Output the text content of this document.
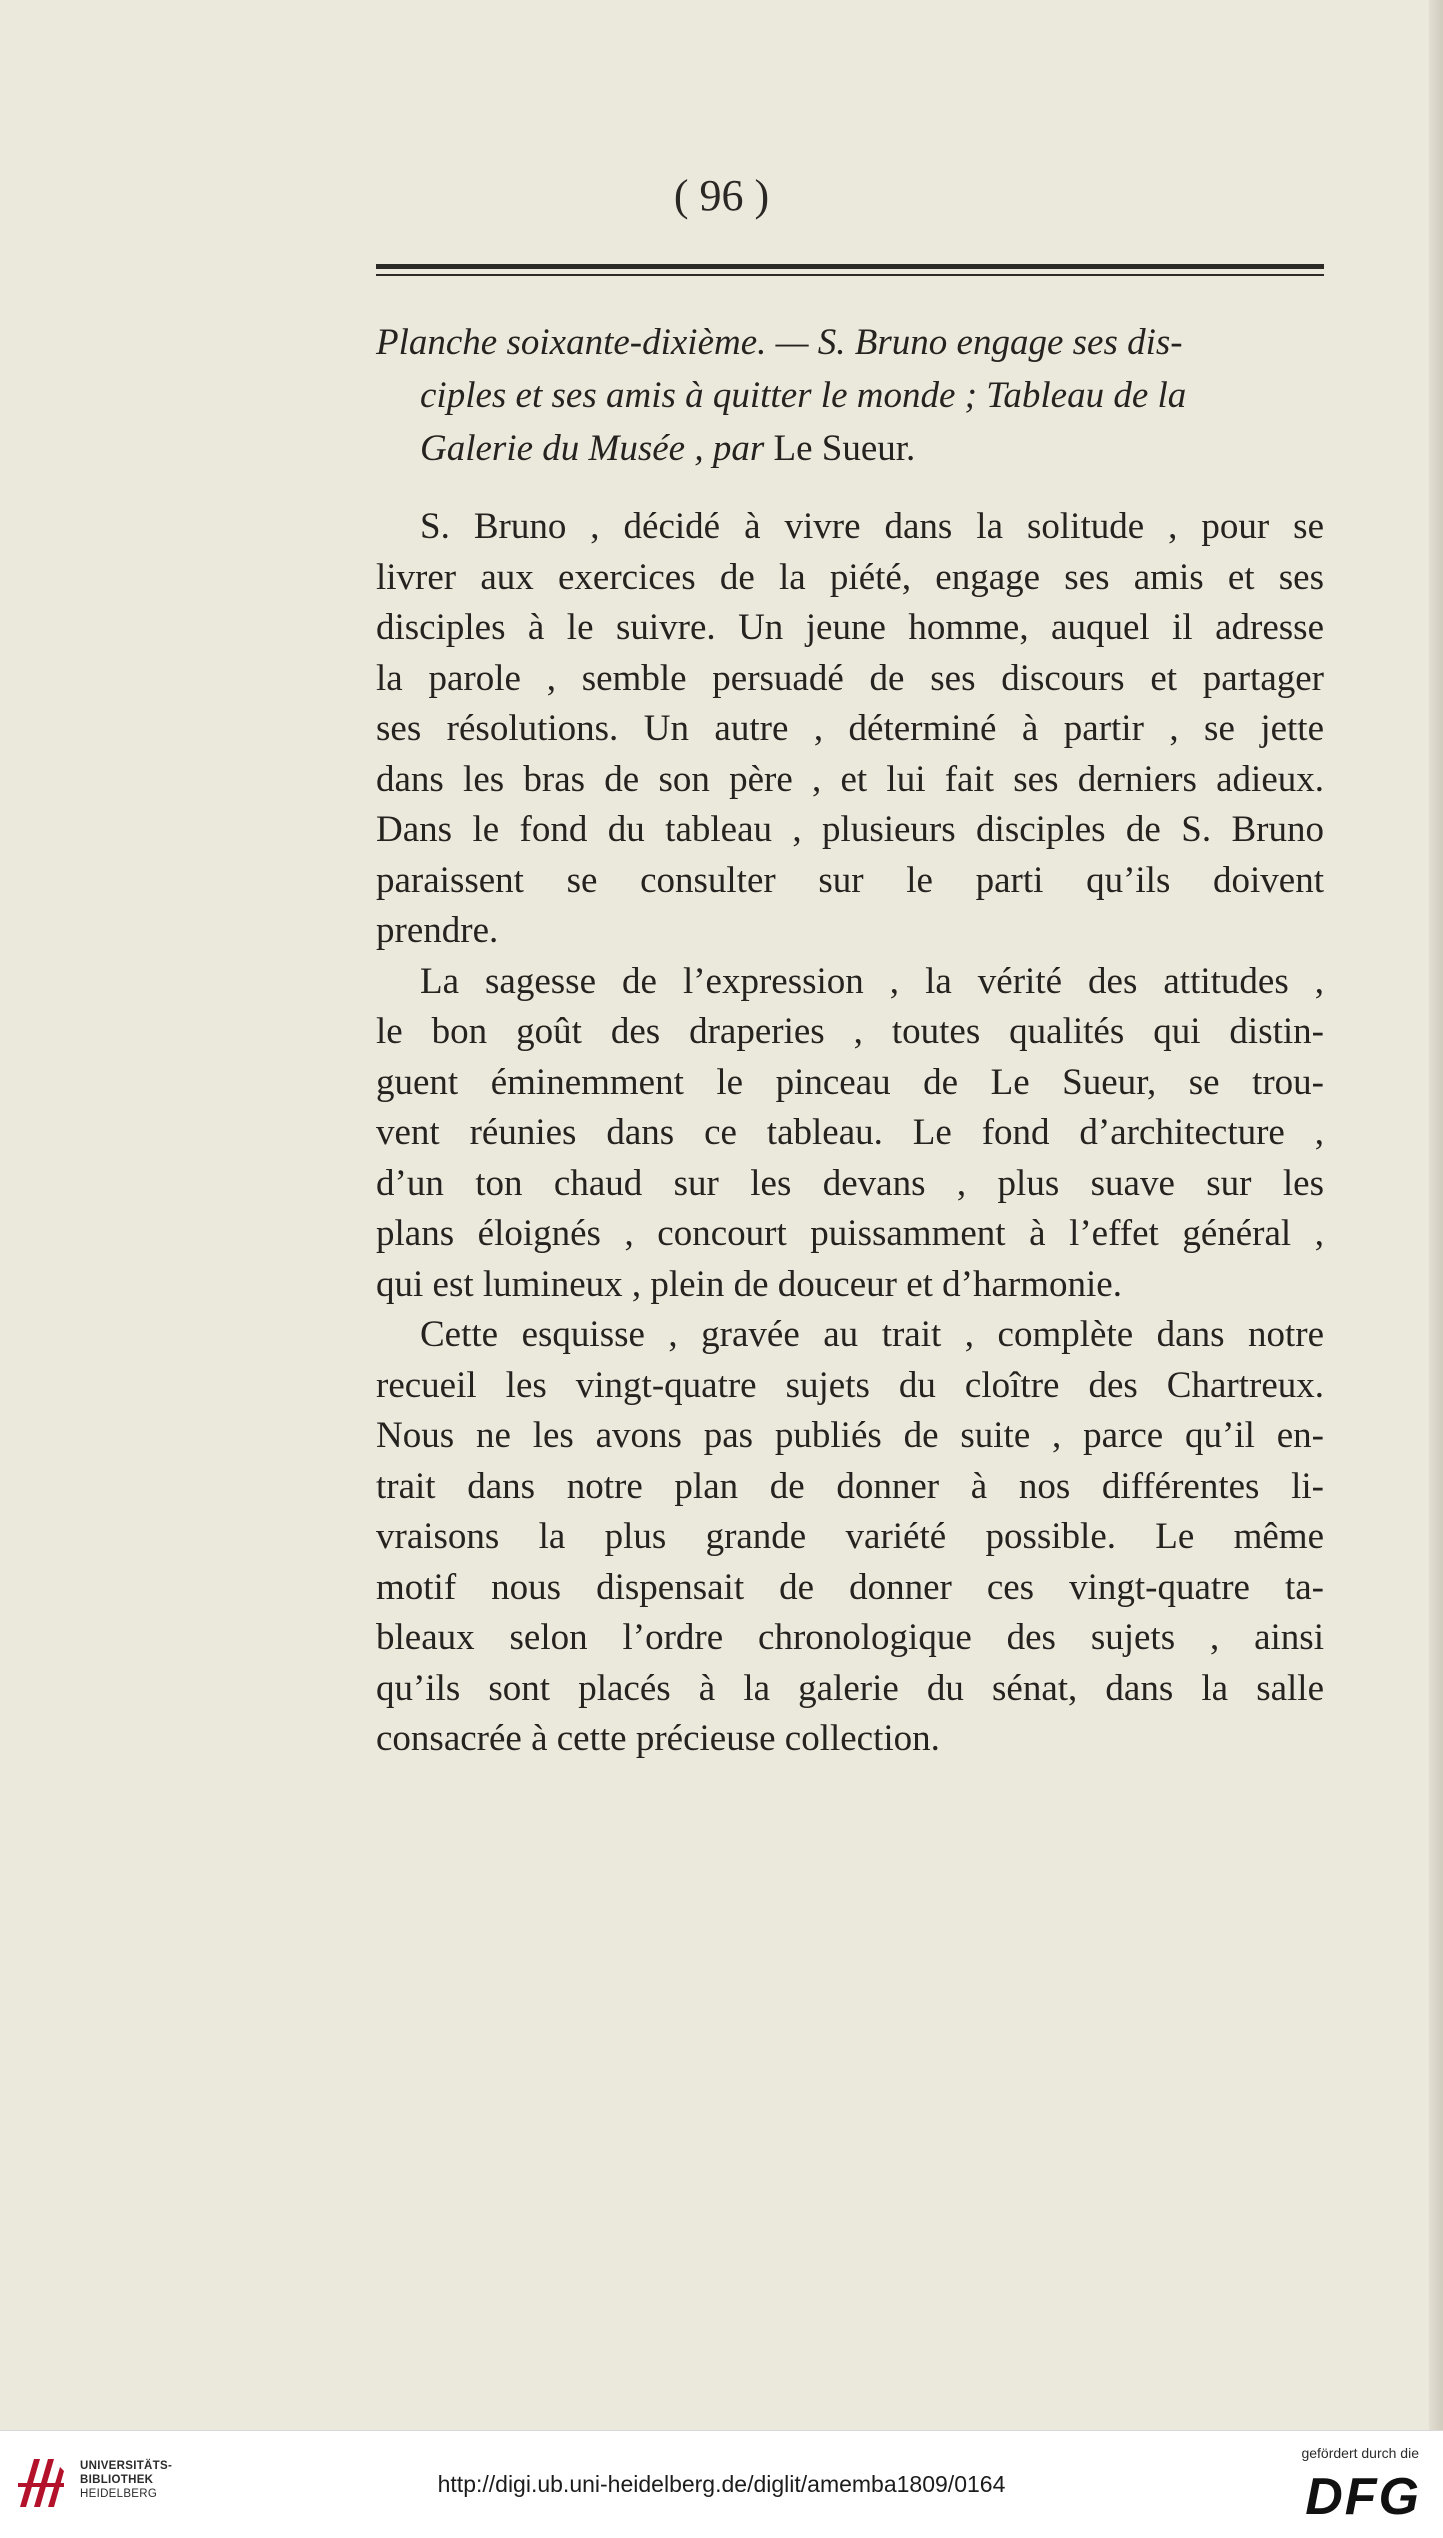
( 96 )
Planche soixante-dixième. — S. Bruno engage ses dis-
ciples et ses amis à quitter le monde ; Tableau de la
Galerie du Musée , par Le Sueur.

S. Bruno , décidé à vivre dans la solitude , pour se
livrer aux exercices de la piété, engage ses amis et ses
disciples à le suivre. Un jeune homme, auquel il adresse
la parole , semble persuadé de ses discours et partager
ses résolutions. Un autre , déterminé à partir , se jette
dans les bras de son père , et lui fait ses derniers adieux.
Dans le fond du tableau , plusieurs disciples de S. Bruno
paraissent se consulter sur le parti qu’ils doivent
prendre.

La sagesse de l’expression , la vérité des attitudes ,
le bon goût des draperies , toutes qualités qui distin-
guent éminemment le pinceau de Le Sueur, se trou-
vent réunies dans ce tableau. Le fond d’architecture ,
d’un ton chaud sur les devans , plus suave sur les
plans éloignés , concourt puissamment à l’effet général ,
qui est lumineux , plein de douceur et d’harmonie.

Cette esquisse , gravée au trait , complète dans notre
recueil les vingt-quatre sujets du cloître des Chartreux.
Nous ne les avons pas publiés de suite , parce qu’il en-
trait dans notre plan de donner à nos différentes li-
vraisons la plus grande variété possible. Le même
motif nous dispensait de donner ces vingt-quatre ta-
bleaux selon l’ordre chronologique des sujets , ainsi
qu’ils sont placés à la galerie du sénat, dans la salle
consacrée à cette précieuse collection.

UNIVERSITÄTS-
BIBLIOTHEK
HEIDELBERG	http://digi.ub.uni-heidelberg.de/diglit/amemba1809/0164
gefördert durch die
DFG
